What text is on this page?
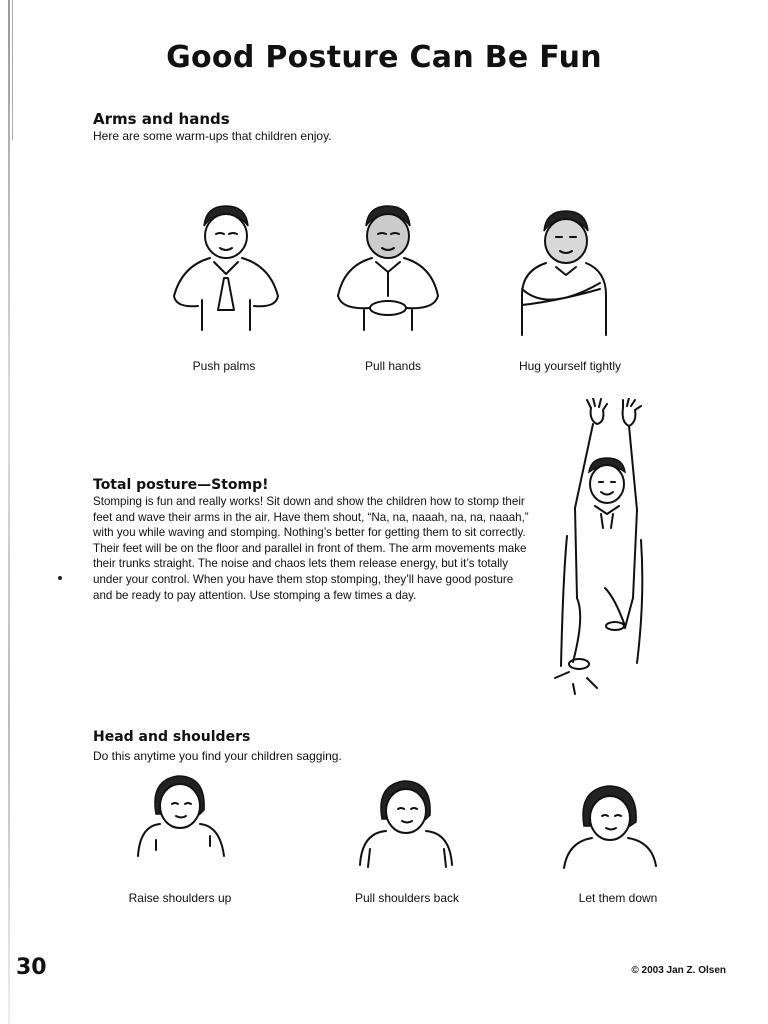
Good Posture Can Be Fun
Arms and hands
Here are some warm-ups that children enjoy.
Push palms	Pull hands	Hug yourself tightly
Total posture—Stomp!

Stomping is fun and really works! Sit down and show the children how to stomp their feet and wave their arms in the air. Have them shout, “Na, na, naaah, na, na, naaah,” with you while waving and stomping. Nothing’s better for getting them to sit correctly. Their feet will be on the floor and parallel in front of them. The arm movements make their trunks straight. The noise and chaos lets them release energy, but it’s totally under your control. When you have them stop stomping, they’ll have good posture and be ready to pay attention. Use stomping a few times a day.

Head and shoulders
Do this anytime you find your children sagging.
Raise shoulders up	Pull shoulders back	Let them down
30	© 2003 Jan Z. Olsen
